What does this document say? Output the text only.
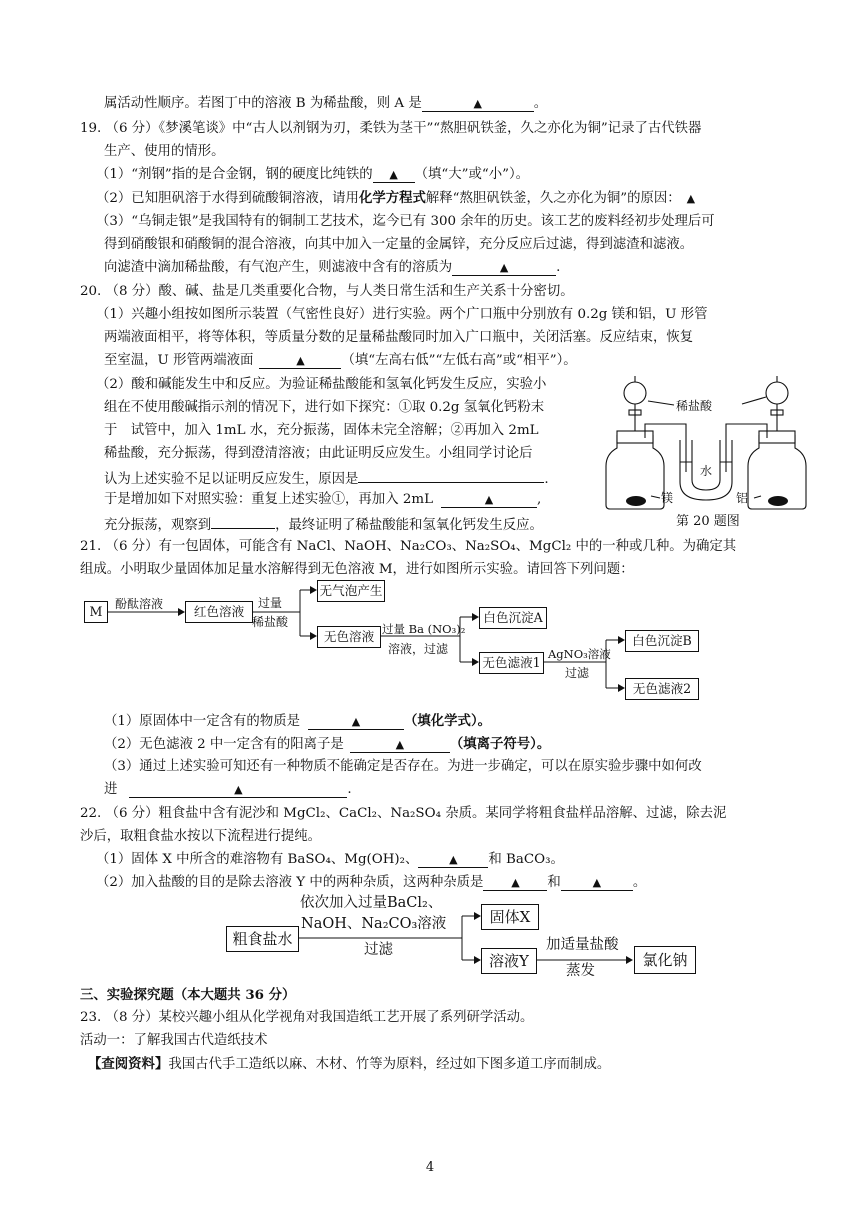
属活动性顺序。若图丁中的溶液 B 为稀盐酸，则 A 是	▲	。
19. （6 分）《梦溪笔谈》中“古人以剂钢为刃，柔铁为茎干”“熬胆矾铁釜，久之亦化为铜”记录了古代铁器
生产、使用的情形。
（1）“剂钢”指的是合金钢，钢的硬度比纯铁的 ▲ （填“大”或“小”）。
（2）已知胆矾溶于水得到硫酸铜溶液，请用化学方程式解释“熬胆矾铁釜，久之亦化为铜”的原因： ▲
（3）“乌铜走银”是我国特有的铜制工艺技术，迄今已有 300 余年的历史。该工艺的废料经初步处理后可
得到硝酸银和硝酸铜的混合溶液，向其中加入一定量的金属锌，充分反应后过滤，得到滤渣和滤液。
向滤渣中滴加稀盐酸，有气泡产生，则滤液中含有的溶质为	▲	.
20. （8 分）酸、碱、盐是几类重要化合物，与人类日常生活和生产关系十分密切。
（1）兴趣小组按如图所示装置（气密性良好）进行实验。两个广口瓶中分别放有 0.2g 镁和铝，U 形管
两端液面相平，将等体积，等质量分数的足量稀盐酸同时加入广口瓶中，关闭活塞。反应结束，恢复
至室温，U 形管两端液面	▲	（填“左高右低”“左低右高”或“相平”）。
（2）酸和碱能发生中和反应。为验证稀盐酸能和氢氧化钙发生反应，实验小
组在不使用酸碱指示剂的情况下，进行如下探究：①取 0.2g 氢氧化钙粉末
于　试管中，加入 1mL 水，充分振荡，固体未完全溶解；②再加入 2mL
稀盐酸，充分振荡，得到澄清溶液；由此证明反应发生。小组同学讨论后
认为上述实验不足以证明反应发生，原因是	.
于是增加如下对照实验：重复上述实验①，再加入 2mL	▲	,
充分振荡，观察到	，最终证明了稀盐酸能和氢氧化钙发生反应。
稀盐酸
水
镁	铝
第 20 题图
21. （6 分）有一包固体，可能含有 NaCl、NaOH、Na₂CO₃、Na₂SO₄、MgCl₂ 中的一种或几种。为确定其
组成。小明取少量固体加足量水溶解得到无色溶液 M，进行如图所示实验。请回答下列问题：
M	酚酞溶液	红色溶液
过量
稀盐酸
无气泡产生
无色溶液 过量 Ba (NO₃)₂
溶液，过滤
白色沉淀A
无色滤液1
AgNO₃溶液
过滤
白色沉淀B
无色滤液2
（1）原固体中一定含有的物质是	▲	（填化学式）。
（2）无色滤液 2 中一定含有的阳离子是	▲	（填离子符号）。
（3）通过上述实验可知还有一种物质不能确定是否存在。为进一步确定，可以在原实验步骤中如何改
进	▲	.
22. （6 分）粗食盐中含有泥沙和 MgCl₂、CaCl₂、Na₂SO₄ 杂质。某同学将粗食盐样品溶解、过滤，除去泥
沙后，取粗食盐水按以下流程进行提纯。
（1）固体 X 中所含的难溶物有 BaSO₄、Mg(OH)₂、	▲ 和 BaCO₃。
（2）加入盐酸的目的是除去溶液 Y 中的两种杂质，这两种杂质是	▲ 和	▲ 。
粗食盐水
依次加入过量BaCl₂、
NaOH、Na₂CO₃溶液
过滤
固体X
溶液Y
加适量盐酸
蒸发
氯化钠
三、实验探究题（本大题共 36 分）
23. （8 分）某校兴趣小组从化学视角对我国造纸工艺开展了系列研学活动。
活动一：了解我国古代造纸技术
【查阅资料】我国古代手工造纸以麻、木材、竹等为原料，经过如下图多道工序而制成。
4
